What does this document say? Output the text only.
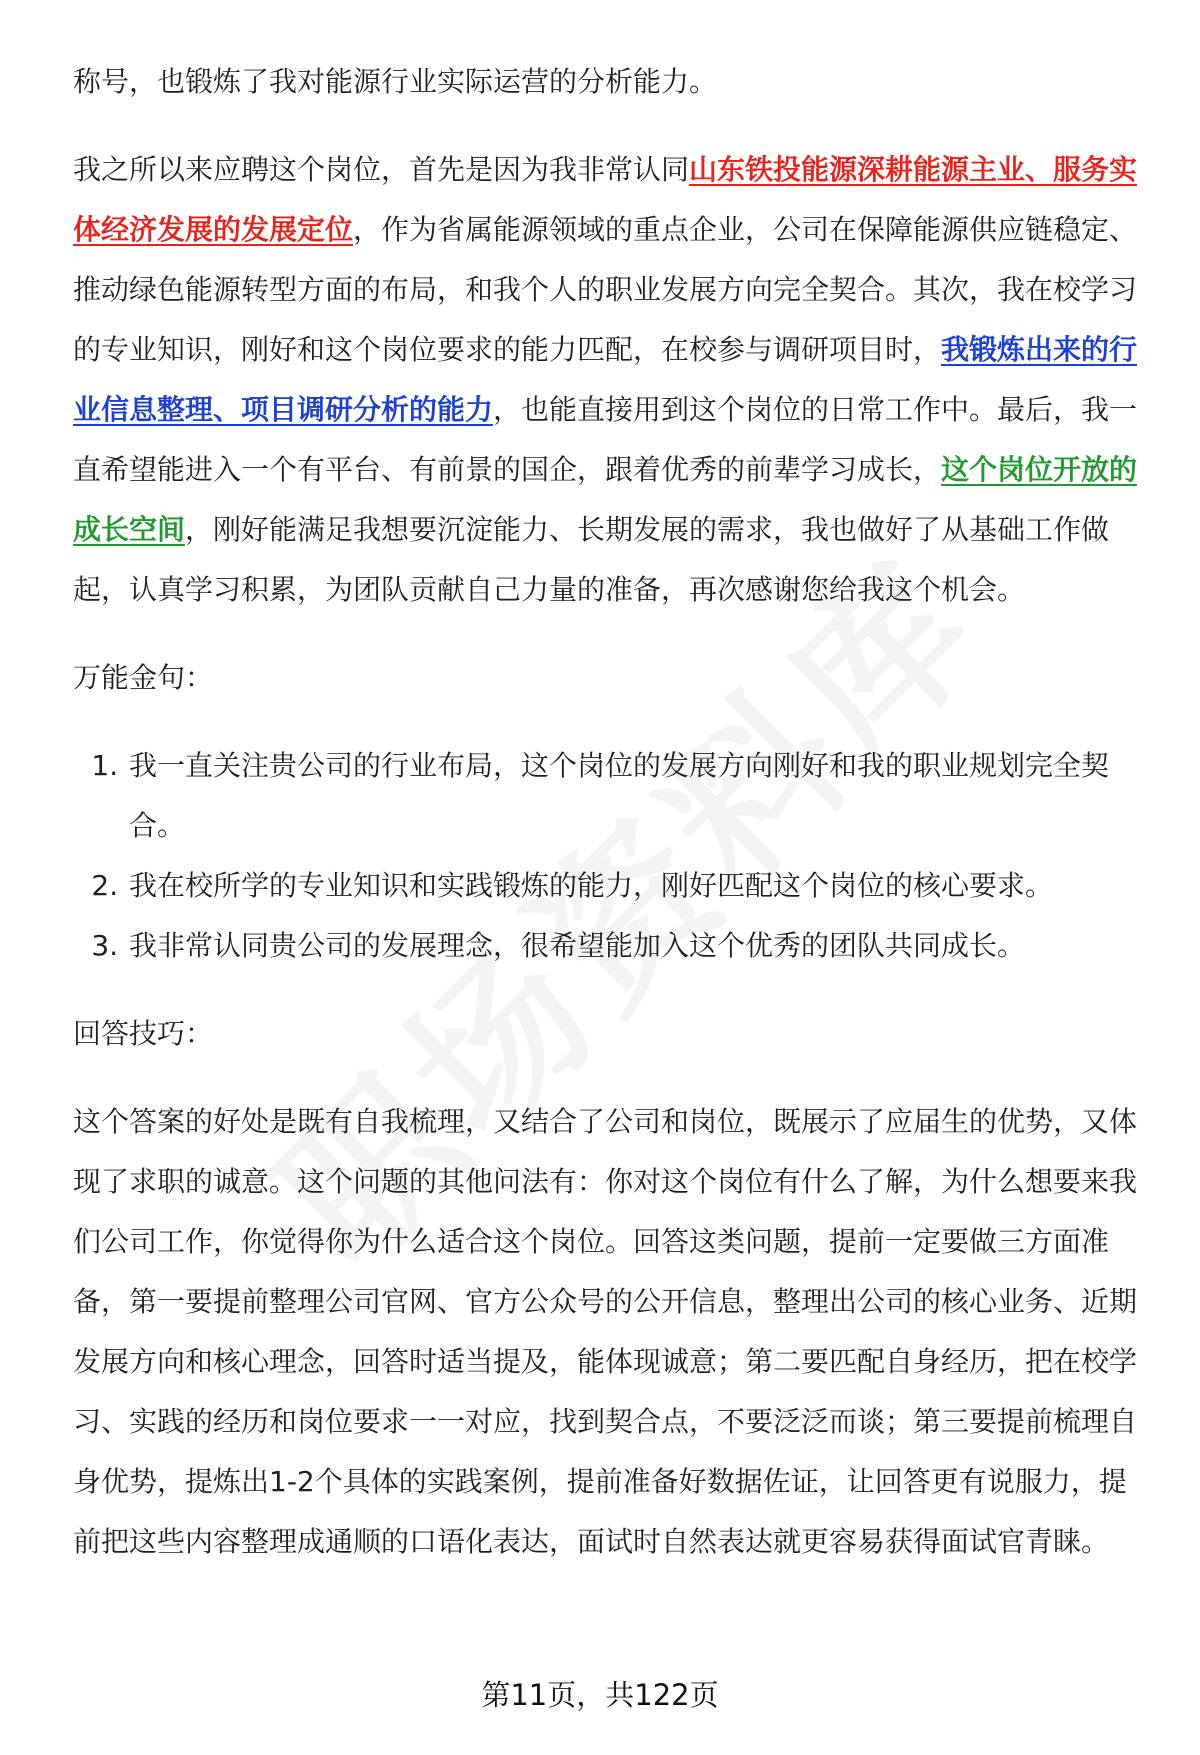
称号，也锻炼了我对能源行业实际运营的分析能力。

我之所以来应聘这个岗位，首先是因为我非常认同山东铁投能源深耕能源主业、服务实体经济发展的发展定位，作为省属能源领域的重点企业，公司在保障能源供应链稳定、推动绿色能源转型方面的布局，和我个人的职业发展方向完全契合。其次，我在校学习的专业知识，刚好和这个岗位要求的能力匹配，在校参与调研项目时，我锻炼出来的行业信息整理、项目调研分析的能力，也能直接用到这个岗位的日常工作中。最后，我一直希望能进入一个有平台、有前景的国企，跟着优秀的前辈学习成长，这个岗位开放的成长空间，刚好能满足我想要沉淀能力、长期发展的需求，我也做好了从基础工作做起，认真学习积累，为团队贡献自己力量的准备，再次感谢您给我这个机会。

万能金句：

1. 我一直关注贵公司的行业布局，这个岗位的发展方向刚好和我的职业规划完全契合。
2. 我在校所学的专业知识和实践锻炼的能力，刚好匹配这个岗位的核心要求。
3. 我非常认同贵公司的发展理念，很希望能加入这个优秀的团队共同成长。

回答技巧：

这个答案的好处是既有自我梳理，又结合了公司和岗位，既展示了应届生的优势，又体现了求职的诚意。这个问题的其他问法有：你对这个岗位有什么了解，为什么想要来我们公司工作，你觉得你为什么适合这个岗位。回答这类问题，提前一定要做三方面准备，第一要提前整理公司官网、官方公众号的公开信息，整理出公司的核心业务、近期发展方向和核心理念，回答时适当提及，能体现诚意；第二要匹配自身经历，把在校学习、实践的经历和岗位要求一一对应，找到契合点，不要泛泛而谈；第三要提前梳理自身优势，提炼出1-2个具体的实践案例，提前准备好数据佐证，让回答更有说服力，提前把这些内容整理成通顺的口语化表达，面试时自然表达就更容易获得面试官青睐。

第11页，共122页
